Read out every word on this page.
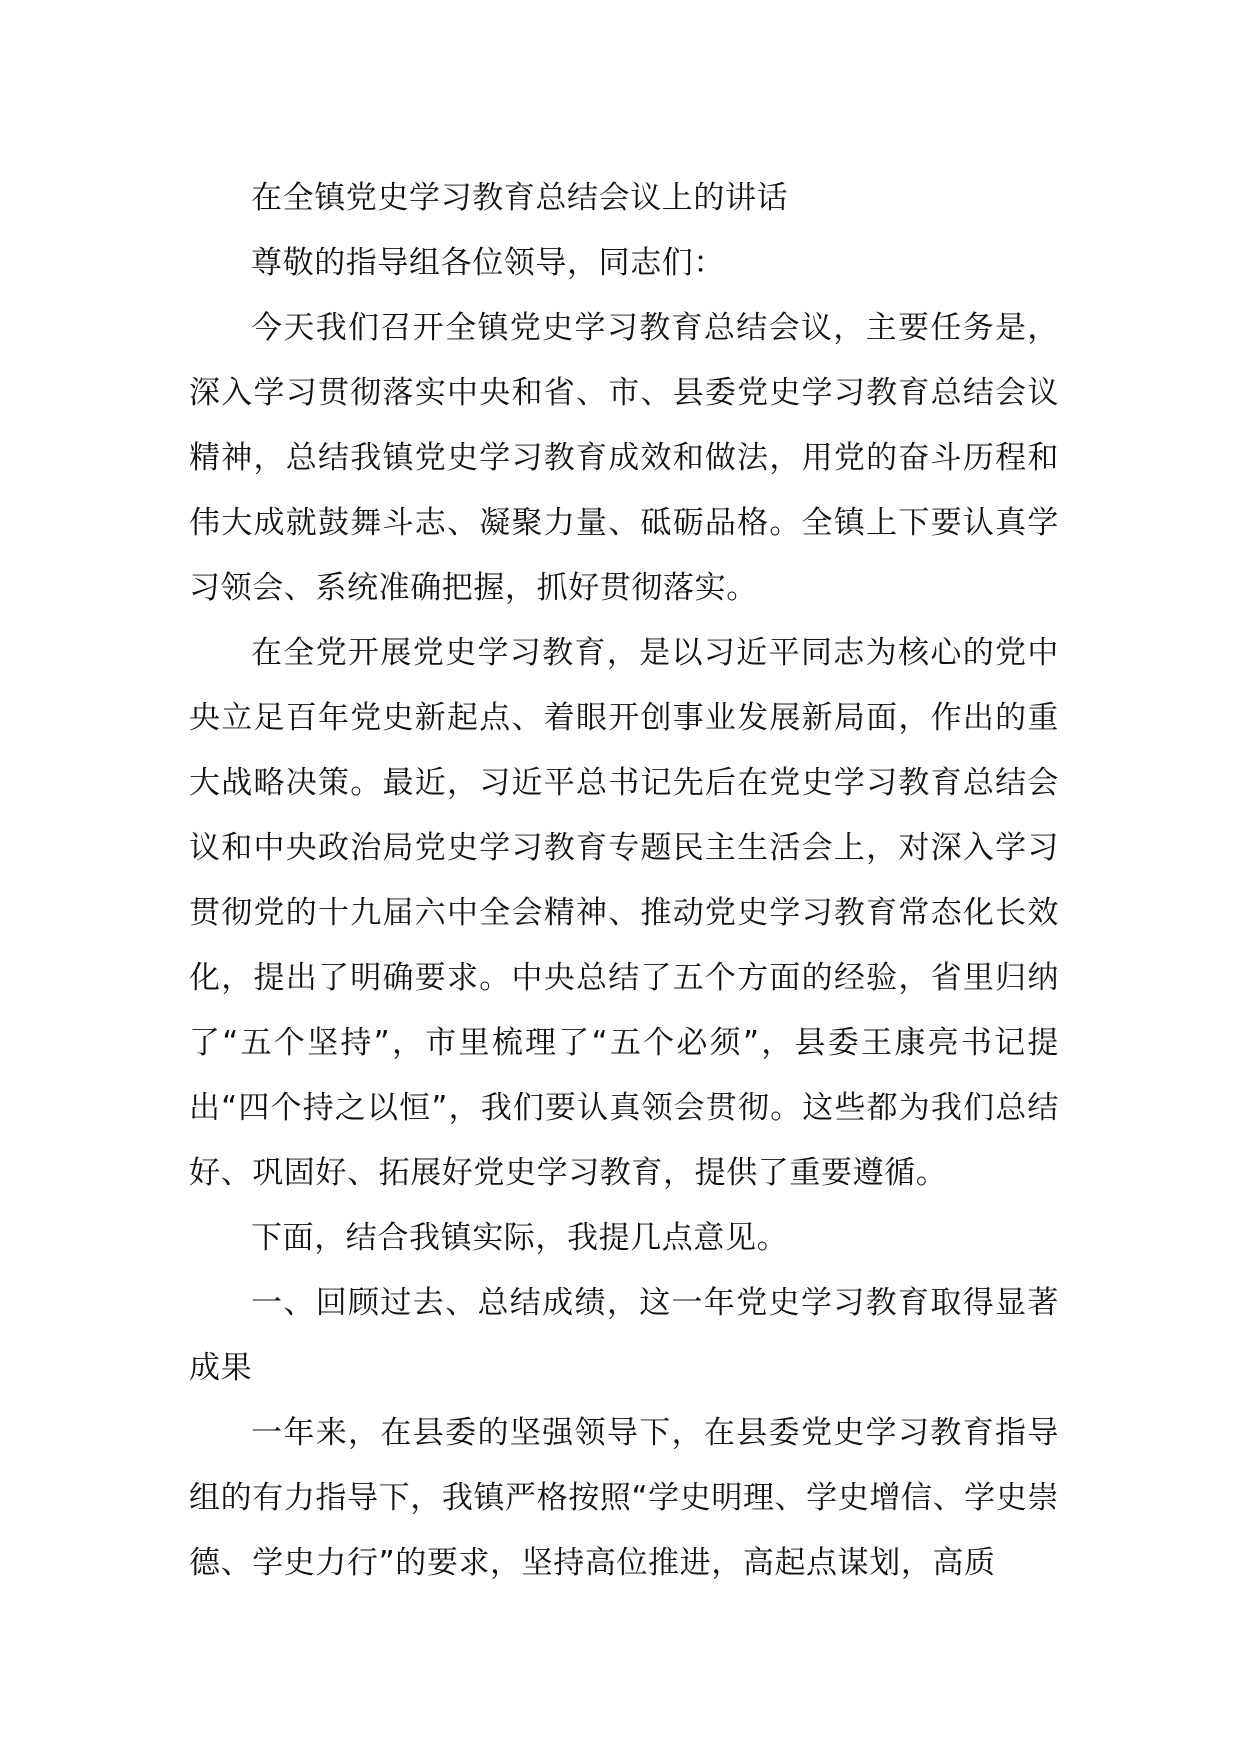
在全镇党史学习教育总结会议上的讲话

尊敬的指导组各位领导，同志们：

今天我们召开全镇党史学习教育总结会议，主要任务是，深入学习贯彻落实中央和省、市、县委党史学习教育总结会议精神，总结我镇党史学习教育成效和做法，用党的奋斗历程和伟大成就鼓舞斗志、凝聚力量、砥砺品格。全镇上下要认真学习领会、系统准确把握，抓好贯彻落实。

在全党开展党史学习教育，是以习近平同志为核心的党中央立足百年党史新起点、着眼开创事业发展新局面，作出的重大战略决策。最近，习近平总书记先后在党史学习教育总结会议和中央政治局党史学习教育专题民主生活会上，对深入学习贯彻党的十九届六中全会精神、推动党史学习教育常态化长效化，提出了明确要求。中央总结了五个方面的经验，省里归纳了“五个坚持”，市里梳理了“五个必须”，县委王康亮书记提出“四个持之以恒”，我们要认真领会贯彻。这些都为我们总结好、巩固好、拓展好党史学习教育，提供了重要遵循。

下面，结合我镇实际，我提几点意见。

一、回顾过去、总结成绩，这一年党史学习教育取得显著成果

一年来，在县委的坚强领导下，在县委党史学习教育指导组的有力指导下，我镇严格按照“学史明理、学史增信、学史崇德、学史力行”的要求，坚持高位推进，高起点谋划，高质
